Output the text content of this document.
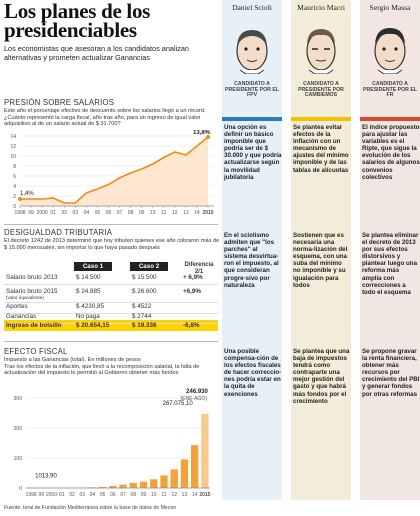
Los planes de los presidenciables
Los economistas que asesoran a los candidatos analizan alternativas y prometen actualizar Ganancias
Daniel Scioli	Mauricio Macri	Sergio Massa
CANDIDATO A PRESIDENTE POR EL FPV
CANDIDATO A PRESIDENTE POR CAMBIEMOS
CANDIDATO A PRESIDENTE POR EL FR
PRESIÓN SOBRE SALARIOS
Este año el porcentaje efectivo de descuento sobre los salarios llegó a un récord. ¿Cuánto representó la carga fiscal, año tras año, para un ingreso de igual valor adquisitivo al de un salario actual de $ 31.700?
0
2
4
6
8
10
12
14
1998 99 2000 01 02 03 04 05 06 07 08 09 10 11 12 13 14 2015
1,4%
13,8%
Una opción es definir un básico imponible que podría ser de $ 30.000 y que podría actualizarse según la movilidad jubilatoria
Se plantea evitar efectos de la inflación con un mecanismo de ajustes del mínimo imponible y de las tablas de alícuotas
El índice propuesto para ajustar las variables es el Ripte, que sigue la evolución de los salarios de algunos convenios colectivos
DESIGUALDAD TRIBUTARIA
El decreto 1242 de 2013 determinó que hoy tributen quienes ese año cobraron más de $ 15.000 mensuales, sin importar lo que haya pasado después
Caso 1	Caso 2	Diferencia 2/1
Salario bruto 2013	$ 14.500	$ 15.500	+ 6,9%
Salario bruto 2015
(valor equivalente)
$ 24.885	$ 26.600	+6,9%
Aportes	$ 4230,85	$ 4522
Ganancias	No paga	$ 2744
Ingreso de bolsillo $ 20.654,15	$ 19.336	-6,8%
En el sciolismo admiten que "los parches" al sistema desvirtua-ron el impuesto, al que consideran progre-sivo por naturaleza
Sostienen que es necesaria una norma-lización del esquema, con una suba del mínimo no imponible y su igualación para todos
Se plantea eliminar el decreto de 2013 por sus efectos distorsivos y plantear luego una reforma más amplia con correcciones a todo el esquema
EFECTO FISCAL
Impuesto a las Ganancias (total). En millones de pesos
Tras los efectos de la inflación, que llevó a la recomposición salarial, la falta de actualización del impuesto le permitió al Gobierno obtener más fondos
0
100
200
300
1998 99 2000 01 02 03 04 05 06 07 08 09 10 11 12 13 14 2015
1013,90
267.075,10
246.930
(ENE-AGO)
Una posible compensa-ción de los efectos fiscales de hacer correccio-nes podría estar en la quita de exenciones
Se plantea que una baja de impuestos tendrá como contraparte una mejor gestión del gasto y que habrá más fondos por el crecimiento
Se propone gravar la renta financiera, obtener más recursos por crecimiento del PBI y generar fondos por otras reformas
Fuente: Ieral de Fundación Mediterránea sobre la base de datos de Mecon
